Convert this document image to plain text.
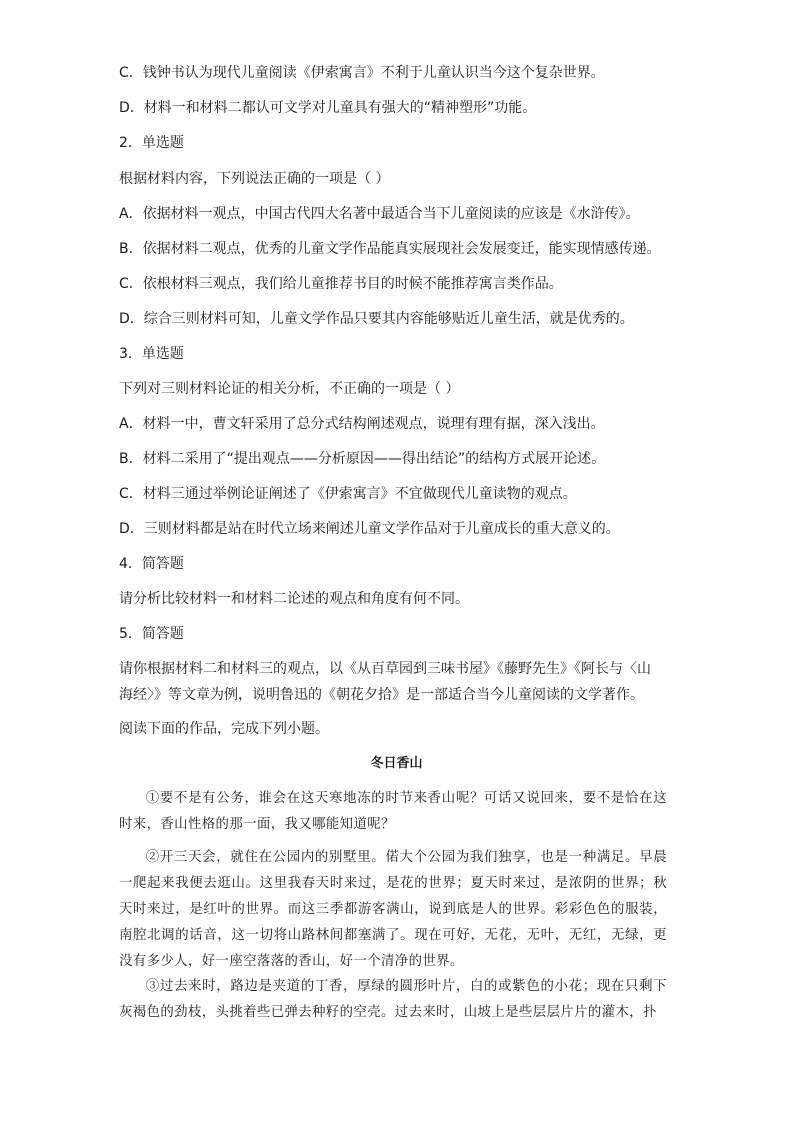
C．钱钟书认为现代儿童阅读《伊索寓言》不利于儿童认识当今这个复杂世界。
D．材料一和材料二都认可文学对儿童具有强大的“精神塑形”功能。
2．单选题
根据材料内容，下列说法正确的一项是（ ）
A．依据材料一观点，中国古代四大名著中最适合当下儿童阅读的应该是《水浒传》。
B．依据材料二观点，优秀的儿童文学作品能真实展现社会发展变迁，能实现情感传递。
C．依根材料三观点，我们给儿童推荐书目的时候不能推荐寓言类作品。
D．综合三则材料可知，儿童文学作品只要其内容能够贴近儿童生活，就是优秀的。
3．单选题
下列对三则材料论证的相关分析，不正确的一项是（ ）
A．材料一中，曹文轩采用了总分式结构阐述观点，说理有理有据，深入浅出。
B．材料二采用了“提出观点——分析原因——得出结论”的结构方式展开论述。
C．材料三通过举例论证阐述了《伊索寓言》不宜做现代儿童读物的观点。
D．三则材料都是站在时代立场来阐述儿童文学作品对于儿童成长的重大意义的。
4．简答题
请分析比较材料一和材料二论述的观点和角度有何不同。
5．简答题
请你根据材料二和材料三的观点，以《从百草园到三味书屋》《藤野先生》《阿长与〈山
海经〉》等文章为例，说明鲁迅的《朝花夕拾》是一部适合当今儿童阅读的文学著作。
阅读下面的作品，完成下列小题。
冬日香山
①要不是有公务，谁会在这天寒地冻的时节来香山呢？可话又说回来，要不是恰在这时来，香山性格的那一面，我又哪能知道呢？
②开三天会，就住在公园内的别墅里。偌大个公园为我们独享，也是一种满足。早晨一爬起来我便去逛山。这里我春天时来过，是花的世界；夏天时来过，是浓阴的世界；秋天时来过，是红叶的世界。而这三季都游客满山，说到底是人的世界。彩彩色色的服装，南腔北调的话音，这一切将山路林间都塞满了。现在可好，无花，无叶，无红，无绿，更没有多少人，好一座空落落的香山，好一个清净的世界。
③过去来时，路边是夹道的丁香，厚绿的圆形叶片，白的或紫色的小花；现在只剩下灰褐色的劲枝，头挑着些已弹去种籽的空壳。过去来时，山坡上是些层层片片的灌木，扑
